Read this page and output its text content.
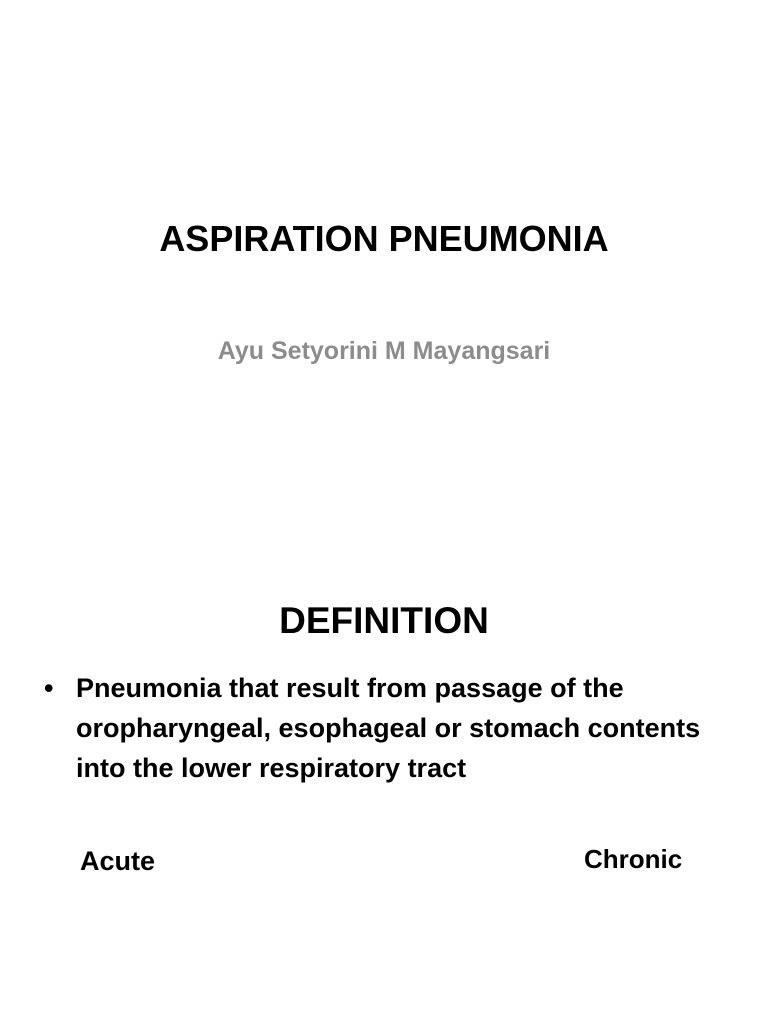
ASPIRATION PNEUMONIA
Ayu Setyorini M Mayangsari
DEFINITION
• Pneumonia that result from passage of the oropharyngeal, esophageal or stomach contents into the lower respiratory tract
Acute	Chronic
